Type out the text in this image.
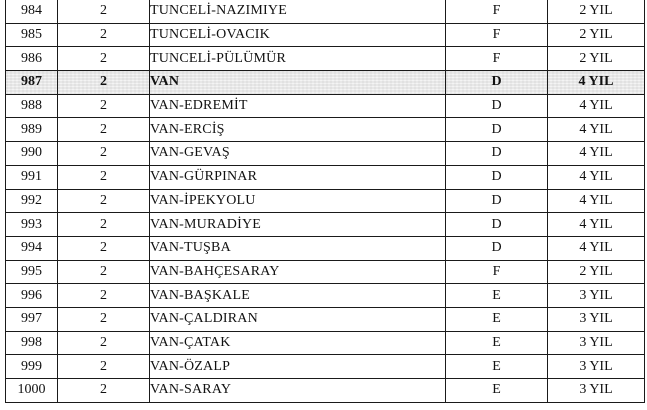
984	2	TUNCELİ-NAZIMIYE	F	2 YIL
985	2	TUNCELİ-OVACIK	F	2 YIL
986	2	TUNCELİ-PÜLÜMÜR	F	2 YIL
987	2	VAN	D	4 YIL
988	2	VAN-EDREMİT	D	4 YIL
989	2	VAN-ERCİŞ	D	4 YIL
990	2	VAN-GEVAŞ	D	4 YIL
991	2	VAN-GÜRPINAR	D	4 YIL
992	2	VAN-İPEKYOLU	D	4 YIL
993	2	VAN-MURADİYE	D	4 YIL
994	2	VAN-TUŞBA	D	4 YIL
995	2	VAN-BAHÇESARAY	F	2 YIL
996	2	VAN-BAŞKALE	E	3 YIL
997	2	VAN-ÇALDIRAN	E	3 YIL
998	2	VAN-ÇATAK	E	3 YIL
999	2	VAN-ÖZALP	E	3 YIL
1000	2	VAN-SARAY	E	3 YIL
